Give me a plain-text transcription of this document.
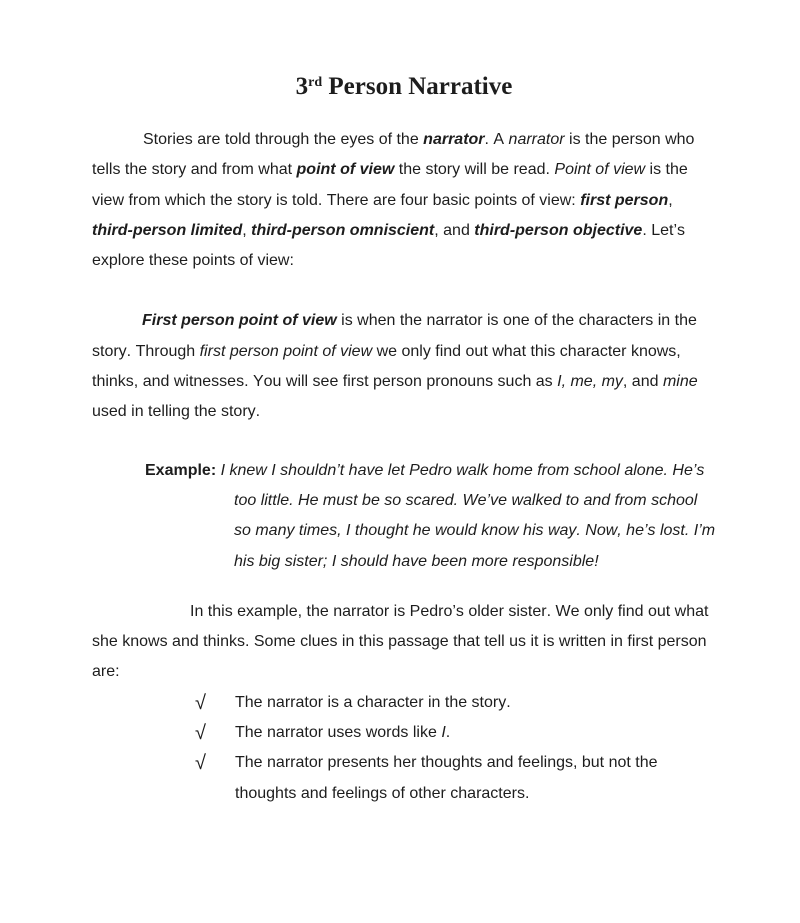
3rd Person Narrative

Stories are told through the eyes of the narrator. A narrator is the person who tells the story and from what point of view the story will be read. Point of view is the view from which the story is told. There are four basic points of view: first person, third-person limited, third-person omniscient, and third-person objective. Let’s explore these points of view:

First person point of view is when the narrator is one of the characters in the story. Through first person point of view we only find out what this character knows, thinks, and witnesses. You will see first person pronouns such as I, me, my, and mine used in telling the story.

Example: I knew I shouldn’t have let Pedro walk home from school alone. He’s too little. He must be so scared. We’ve walked to and from school so many times, I thought he would know his way. Now, he’s lost. I’m his big sister; I should have been more responsible!

In this example, the narrator is Pedro’s older sister. We only find out what she knows and thinks. Some clues in this passage that tell us it is written in first person are:

√	The narrator is a character in the story.
√	The narrator uses words like I.
√	The narrator presents her thoughts and feelings, but not the thoughts and feelings of other characters.
